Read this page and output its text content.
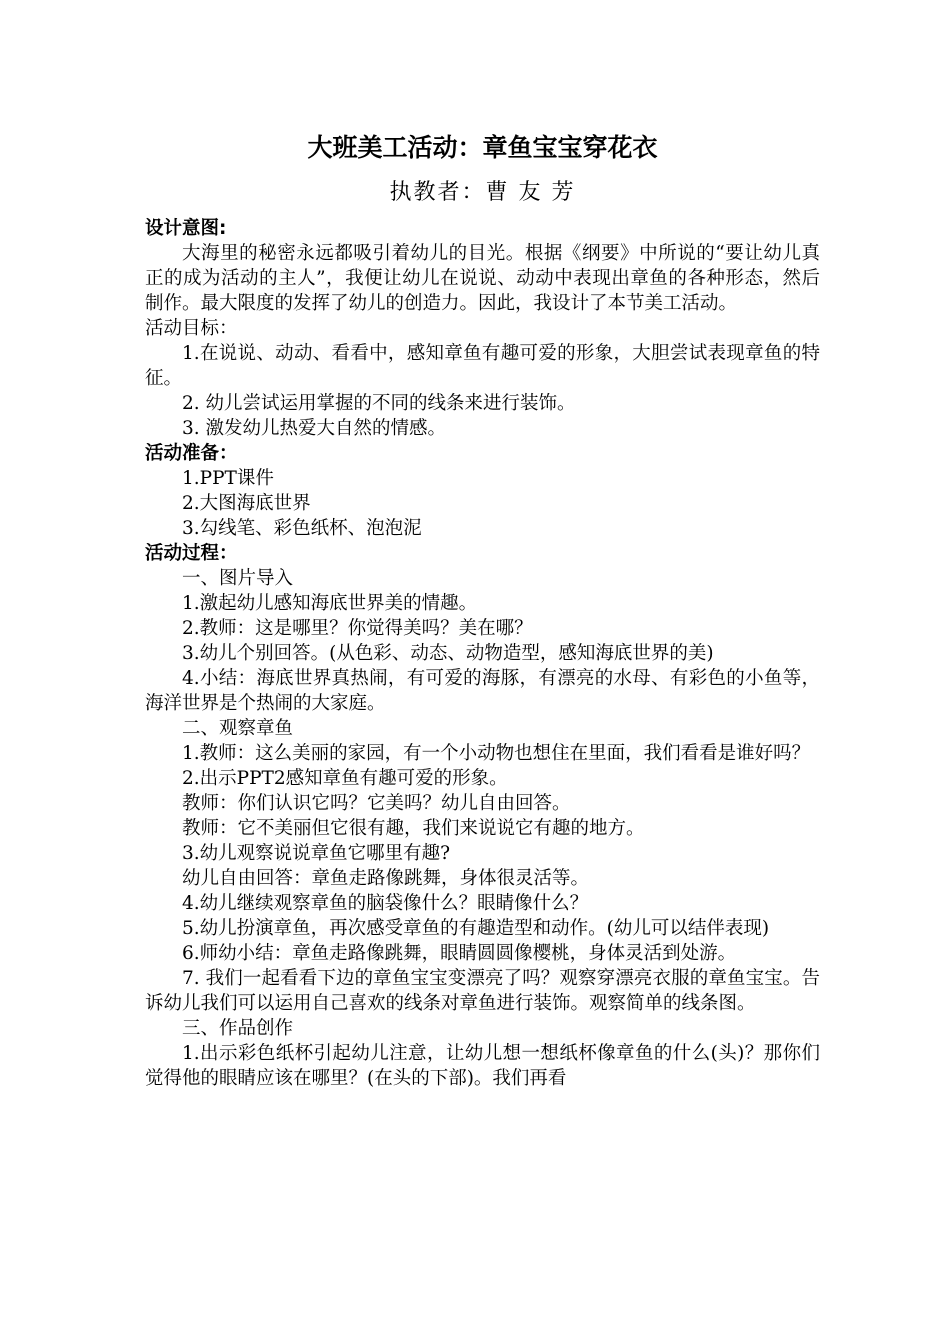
大班美工活动：章鱼宝宝穿花衣
执教者：曹 友 芳
设计意图:
大海里的秘密永远都吸引着幼儿的目光。根据《纲要》中所说的“要让幼儿真正的成为活动的主人”，我便让幼儿在说说、动动中表现出章鱼的各种形态，然后制作。最大限度的发挥了幼儿的创造力。因此，我设计了本节美工活动。
活动目标：
1.在说说、动动、看看中，感知章鱼有趣可爱的形象，大胆尝试表现章鱼的特征。
2. 幼儿尝试运用掌握的不同的线条来进行装饰。
3. 激发幼儿热爱大自然的情感。
活动准备：
1.PPT课件
2.大图海底世界
3.勾线笔、彩色纸杯、泡泡泥
活动过程：
一、图片导入
1.激起幼儿感知海底世界美的情趣。
2.教师：这是哪里？你觉得美吗？美在哪？
3.幼儿个别回答。(从色彩、动态、动物造型，感知海底世界的美)
4.小结：海底世界真热闹，有可爱的海豚，有漂亮的水母、有彩色的小鱼等，海洋世界是个热闹的大家庭。
二、观察章鱼
1.教师：这么美丽的家园，有一个小动物也想住在里面，我们看看是谁好吗？
2.出示PPT2感知章鱼有趣可爱的形象。
教师：你们认识它吗？它美吗？幼儿自由回答。
教师：它不美丽但它很有趣，我们来说说它有趣的地方。
3.幼儿观察说说章鱼它哪里有趣?
幼儿自由回答：章鱼走路像跳舞，身体很灵活等。
4.幼儿继续观察章鱼的脑袋像什么？眼睛像什么？
5.幼儿扮演章鱼，再次感受章鱼的有趣造型和动作。(幼儿可以结伴表现)
6.师幼小结：章鱼走路像跳舞，眼睛圆圆像樱桃，身体灵活到处游。
7. 我们一起看看下边的章鱼宝宝变漂亮了吗？观察穿漂亮衣服的章鱼宝宝。告诉幼儿我们可以运用自己喜欢的线条对章鱼进行装饰。观察简单的线条图。
三、作品创作
1.出示彩色纸杯引起幼儿注意，让幼儿想一想纸杯像章鱼的什么(头)？那你们觉得他的眼睛应该在哪里？(在头的下部)。我们再看
